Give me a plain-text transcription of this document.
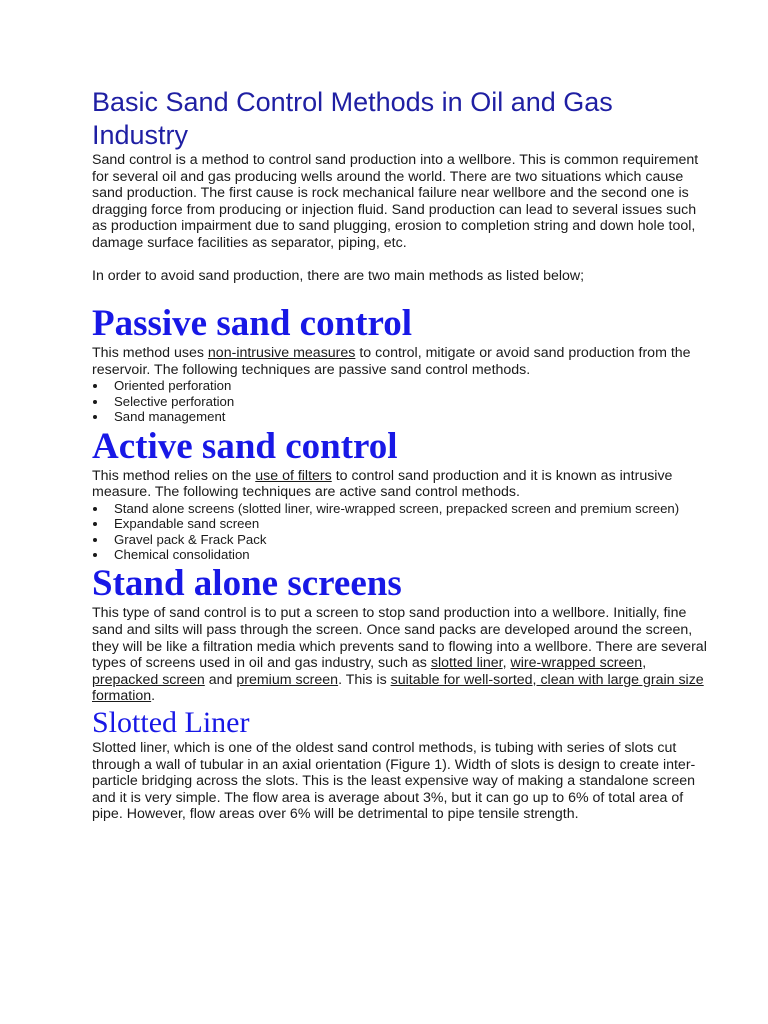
Basic Sand Control Methods in Oil and Gas Industry

Sand control is a method to control sand production into a wellbore. This is common requirement for several oil and gas producing wells around the world. There are two situations which cause sand production. The first cause is rock mechanical failure near wellbore and the second one is dragging force from producing or injection fluid. Sand production can lead to several issues such as production impairment due to sand plugging, erosion to completion string and down hole tool, damage surface facilities as separator, piping, etc.

In order to avoid sand production, there are two main methods as listed below;

Passive sand control

This method uses non-intrusive measures to control, mitigate or avoid sand production from the reservoir. The following techniques are passive sand control methods.

Oriented perforation
Selective perforation
Sand management
Active sand control

This method relies on the use of filters to control sand production and it is known as intrusive measure. The following techniques are active sand control methods.

Stand alone screens (slotted liner, wire-wrapped screen, prepacked screen and premium screen)
Expandable sand screen
Gravel pack & Frack Pack
Chemical consolidation
Stand alone screens

This type of sand control is to put a screen to stop sand production into a wellbore. Initially, fine sand and silts will pass through the screen. Once sand packs are developed around the screen, they will be like a filtration media which prevents sand to flowing into a wellbore. There are several types of screens used in oil and gas industry, such as slotted liner, wire-wrapped screen, prepacked screen and premium screen. This is suitable for well-sorted, clean with large grain size formation.

Slotted Liner

Slotted liner, which is one of the oldest sand control methods, is tubing with series of slots cut through a wall of tubular in an axial orientation (Figure 1). Width of slots is design to create inter-particle bridging across the slots. This is the least expensive way of making a standalone screen and it is very simple. The flow area is average about 3%, but it can go up to 6% of total area of pipe. However, flow areas over 6% will be detrimental to pipe tensile strength.
